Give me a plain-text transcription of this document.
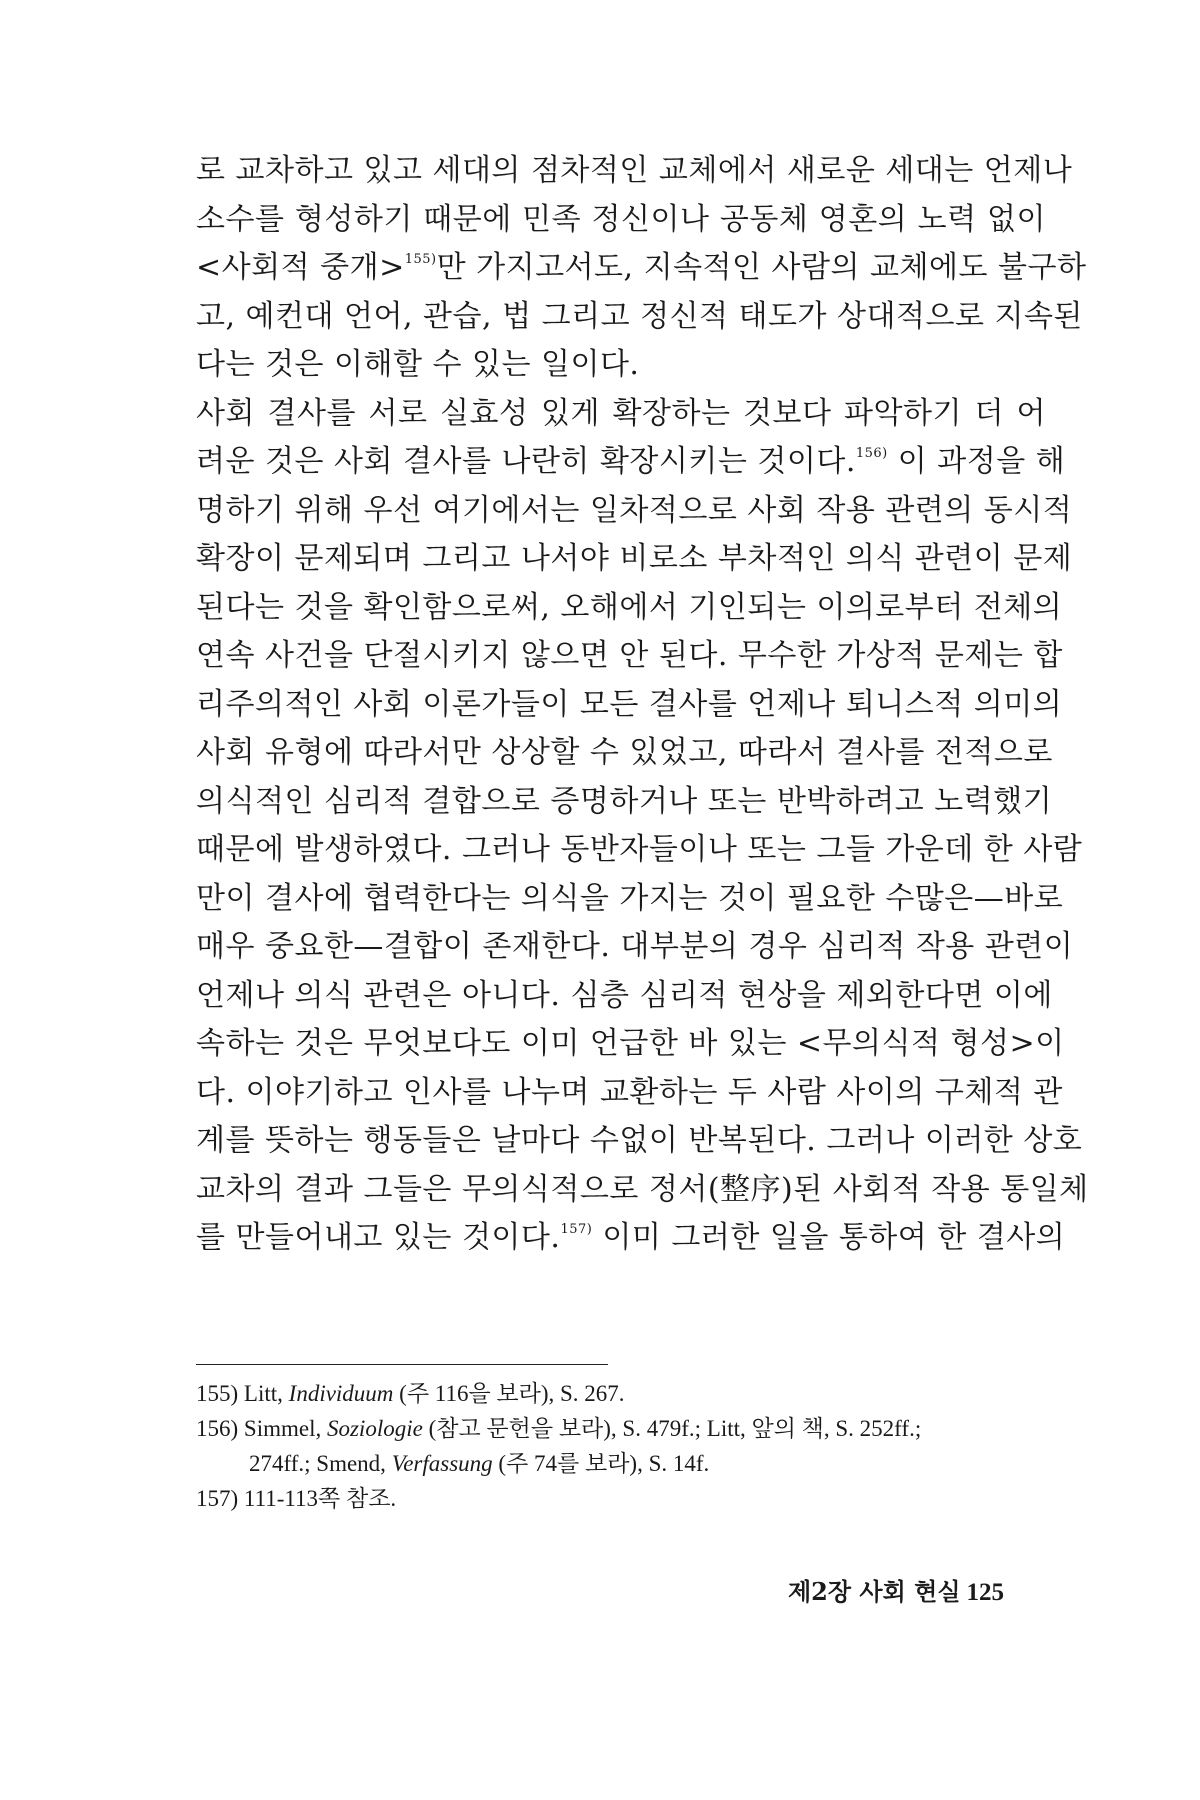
로 교차하고 있고 세대의 점차적인 교체에서 새로운 세대는 언제나
소수를 형성하기 때문에 민족 정신이나 공동체 영혼의 노력 없이
<사회적 중개>$^{155)}$만 가지고서도, 지속적인 사람의 교체에도 불구하
고, 예컨대 언어, 관습, 법 그리고 정신적 태도가 상대적으로 지속된
다는 것은 이해할 수 있는 일이다.
사회 결사를 서로 실효성 있게 확장하는 것보다 파악하기 더 어
려운 것은 사회 결사를 나란히 확장시키는 것이다.$^{156)}$ 이 과정을 해
명하기 위해 우선 여기에서는 일차적으로 사회 작용 관련의 동시적
확장이 문제되며 그리고 나서야 비로소 부차적인 의식 관련이 문제
된다는 것을 확인함으로써, 오해에서 기인되는 이의로부터 전체의
연속 사건을 단절시키지 않으면 안 된다. 무수한 가상적 문제는 합
리주의적인 사회 이론가들이 모든 결사를 언제나 퇴니스적 의미의
사회 유형에 따라서만 상상할 수 있었고, 따라서 결사를 전적으로
의식적인 심리적 결합으로 증명하거나 또는 반박하려고 노력했기
때문에 발생하였다. 그러나 동반자들이나 또는 그들 가운데 한 사람
만이 결사에 협력한다는 의식을 가지는 것이 필요한 수많은—바로
매우 중요한—결합이 존재한다. 대부분의 경우 심리적 작용 관련이
언제나 의식 관련은 아니다. 심층 심리적 현상을 제외한다면 이에
속하는 것은 무엇보다도 이미 언급한 바 있는 <무의식적 형성>이
다. 이야기하고 인사를 나누며 교환하는 두 사람 사이의 구체적 관
계를 뜻하는 행동들은 날마다 수없이 반복된다. 그러나 이러한 상호
교차의 결과 그들은 무의식적으로 정서(整序)된 사회적 작용 통일체
를 만들어내고 있는 것이다.$^{157)}$ 이미 그러한 일을 통하여 한 결사의
155) Litt, Individuum (주 116을 보라), S. 267.
156) Simmel, Soziologie (참고 문헌을 보라), S. 479f.; Litt, 앞의 책, S. 252ff.;
274ff.; Smend, Verfassung (주 74를 보라), S. 14f.
157) 111-113쪽 참조.
제2장 사회 현실 125
